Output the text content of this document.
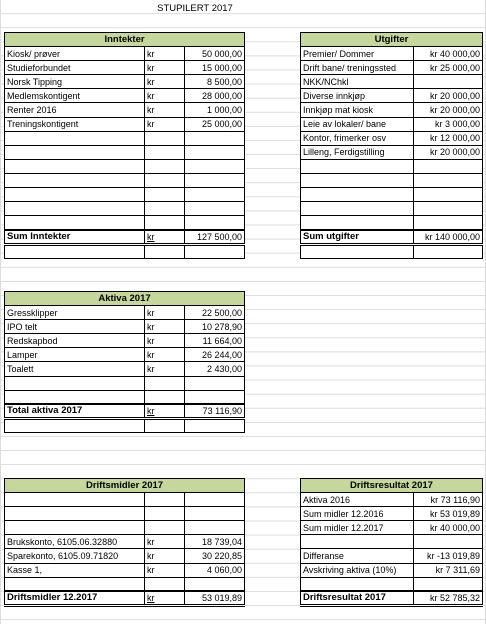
STUPILERT 2017
Inntekter		
Kiosk/ prøver	kr	50 000,00
Studieforbundet	kr	15 000,00
Norsk Tipping	kr	8 500,00
Medlemskontigent	kr	28 000,00
Renter 2016	kr	1 000,00
Treningskontigent	kr	25 000,00

Sum Inntekter	kr	127 500,00

Utgifter	
Premier/ Dommer	kr 40 000,00
Drift bane/ treningssted	kr 25 000,00
NKK/NChkl	
Diverse innkjøp	kr 20 000,00
Innkjøp mat kiosk	kr 20 000,00
Leie av lokaler/ bane	kr 3 000,00
Kontor, frimerker osv	kr 12 000,00
Lilleng, Ferdigstilling	kr 20 000,00

Sum utgifter	kr 140 000,00

Aktiva 2017		
Gressklipper	kr	22 500,00
IPO telt	kr	10 278,90
Redskapbod	kr	11 664,00
Lamper	kr	26 244,00
Toalett	kr	2 430,00

Total aktiva 2017	kr	73 116,90

Driftsmidler 2017		

Brukskonto, 6105.06.32880	kr	18 739,04
Sparekonto, 6105.09.71820	kr	30 220,85
Kasse 1,	kr	4 060,00

Driftsmidler 12.2017	kr	53 019,89
Driftsresultat 2017	
Aktiva 2016	kr 73 116,90
Sum midler 12.2016	kr 53 019,89
Sum midler 12.2017	kr 40 000,00

Differanse	kr -13 019,89
Avskriving aktiva (10%)	kr 7 311,69

Driftsresultat 2017	kr 52 785,32
